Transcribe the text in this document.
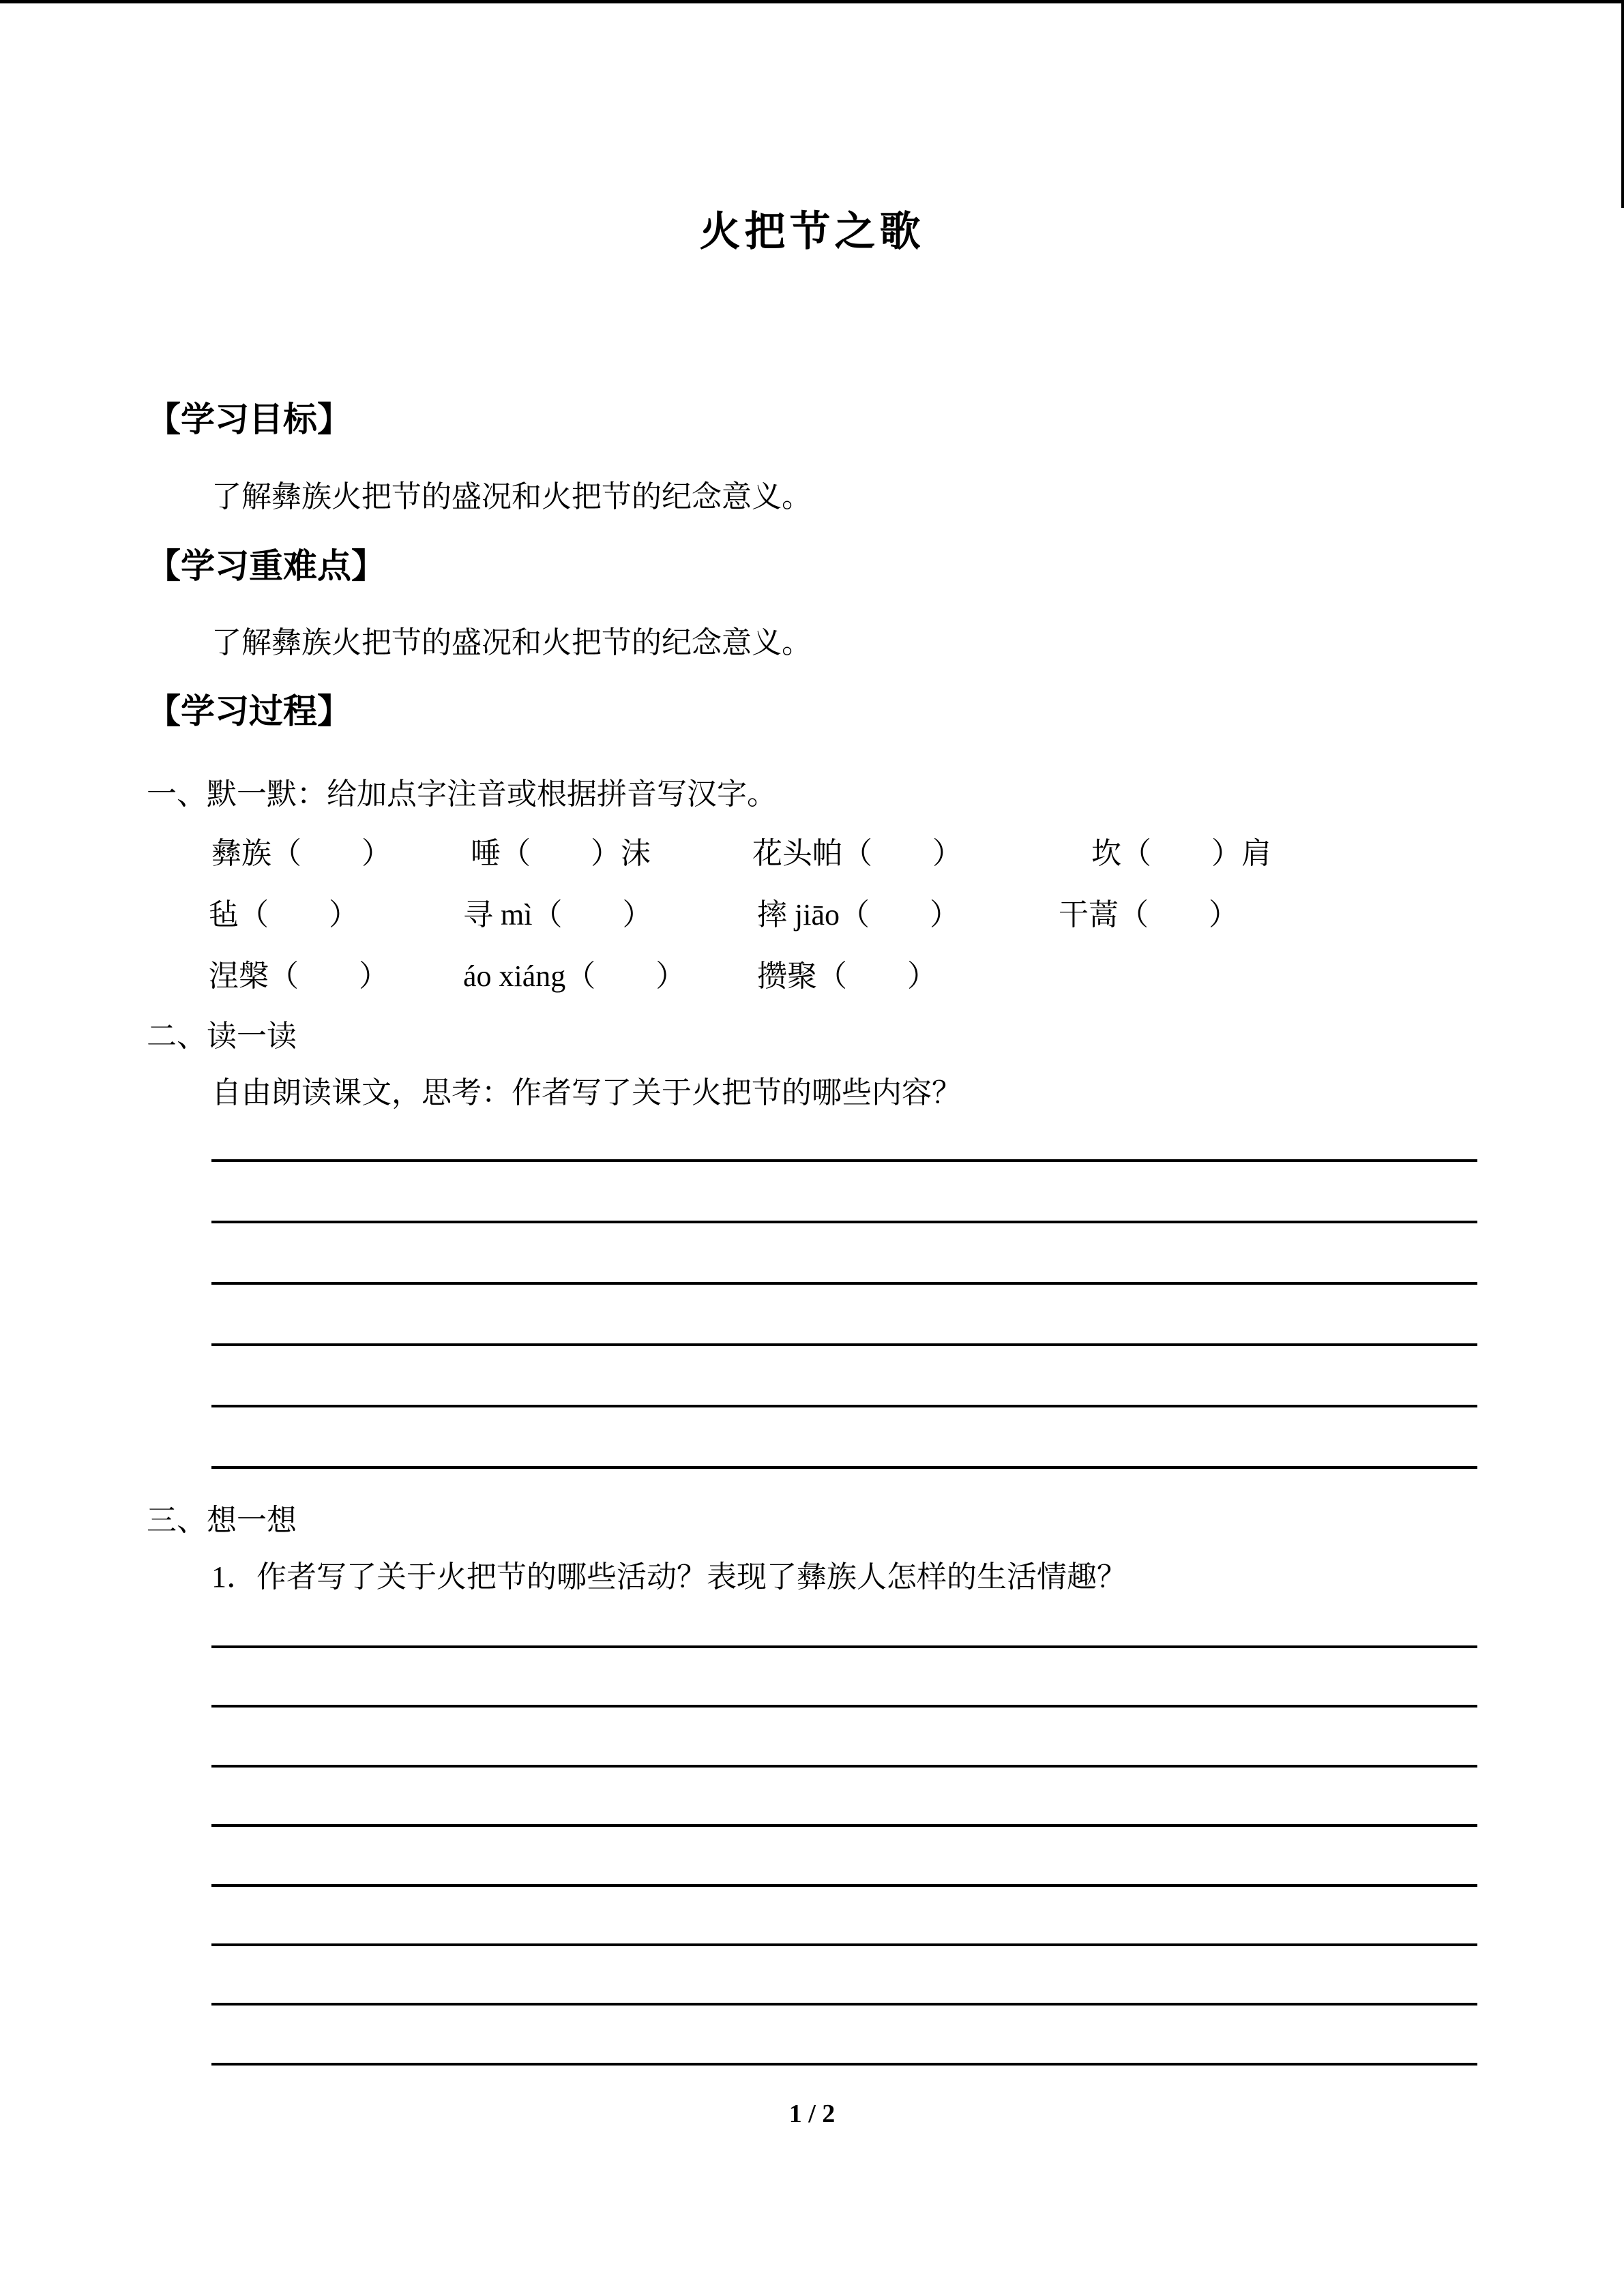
火把节之歌
【学习目标】

了解彝族火把节的盛况和火把节的纪念意义。

【学习重难点】

了解彝族火把节的盛况和火把节的纪念意义。

【学习过程】

一、默一默：给加点字注音或根据拼音写汉字。

彝族（　　）	唾（　　）沫	花头帕（　　）	坎（　　）肩
毡（　　）	寻 mì（　　）	摔 jiāo（　　）	干蒿（　　）
涅槃（　　） áo xiáng（　　） 攒聚（　　）

二、读一读

自由朗读课文，思考：作者写了关于火把节的哪些内容？

三、想一想

1．作者写了关于火把节的哪些活动？表现了彝族人怎样的生活情趣？

1 / 2
